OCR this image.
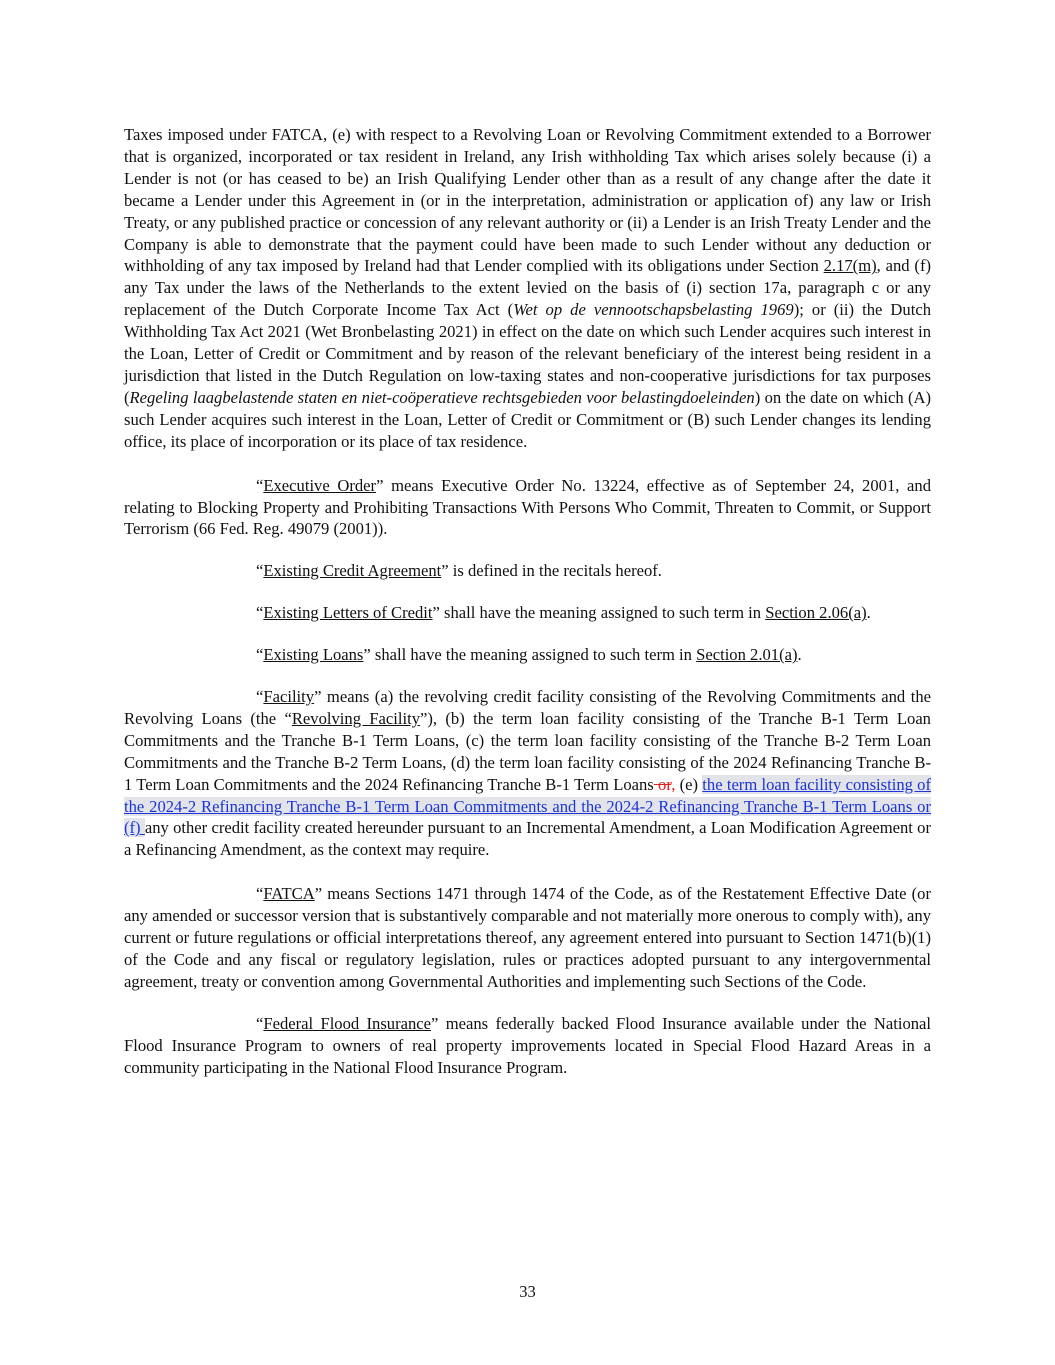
Taxes imposed under FATCA, (e) with respect to a Revolving Loan or Revolving Commitment extended to a Borrower that is organized, incorporated or tax resident in Ireland, any Irish withholding Tax which arises solely because (i) a Lender is not (or has ceased to be) an Irish Qualifying Lender other than as a result of any change after the date it became a Lender under this Agreement in (or in the interpretation, administration or application of) any law or Irish Treaty, or any published practice or concession of any relevant authority or (ii) a Lender is an Irish Treaty Lender and the Company is able to demonstrate that the payment could have been made to such Lender without any deduction or withholding of any tax imposed by Ireland had that Lender complied with its obligations under Section 2.17(m), and (f) any Tax under the laws of the Netherlands to the extent levied on the basis of (i) section 17a, paragraph c or any replacement of the Dutch Corporate Income Tax Act (Wet op de vennootschapsbelasting 1969); or (ii) the Dutch Withholding Tax Act 2021 (Wet Bronbelasting 2021) in effect on the date on which such Lender acquires such interest in the Loan, Letter of Credit or Commitment and by reason of the relevant beneficiary of the interest being resident in a jurisdiction that listed in the Dutch Regulation on low-taxing states and non-cooperative jurisdictions for tax purposes (Regeling laagbelastende staten en niet-coöperatieve rechtsgebieden voor belastingdoeleinden) on the date on which (A) such Lender acquires such interest in the Loan, Letter of Credit or Commitment or (B) such Lender changes its lending office, its place of incorporation or its place of tax residence.

“Executive Order” means Executive Order No. 13224, effective as of September 24, 2001, and relating to Blocking Property and Prohibiting Transactions With Persons Who Commit, Threaten to Commit, or Support Terrorism (66 Fed. Reg. 49079 (2001)).

“Existing Credit Agreement” is defined in the recitals hereof.

“Existing Letters of Credit” shall have the meaning assigned to such term in Section 2.06(a).

“Existing Loans” shall have the meaning assigned to such term in Section 2.01(a).

“Facility” means (a) the revolving credit facility consisting of the Revolving Commitments and the Revolving Loans (the “Revolving Facility”), (b) the term loan facility consisting of the Tranche B-1 Term Loan Commitments and the Tranche B-1 Term Loans, (c) the term loan facility consisting of the Tranche B-2 Term Loan Commitments and the Tranche B-2 Term Loans, (d) the term loan facility consisting of the 2024 Refinancing Tranche B-1 Term Loan Commitments and the 2024 Refinancing Tranche B-1 Term Loans or, (e) the term loan facility consisting of the 2024-2 Refinancing Tranche B-1 Term Loan Commitments and the 2024-2 Refinancing Tranche B-1 Term Loans or (f) any other credit facility created hereunder pursuant to an Incremental Amendment, a Loan Modification Agreement or a Refinancing Amendment, as the context may require.

“FATCA” means Sections 1471 through 1474 of the Code, as of the Restatement Effective Date (or any amended or successor version that is substantively comparable and not materially more onerous to comply with), any current or future regulations or official interpretations thereof, any agreement entered into pursuant to Section 1471(b)(1) of the Code and any fiscal or regulatory legislation, rules or practices adopted pursuant to any intergovernmental agreement, treaty or convention among Governmental Authorities and implementing such Sections of the Code.

“Federal Flood Insurance” means federally backed Flood Insurance available under the National Flood Insurance Program to owners of real property improvements located in Special Flood Hazard Areas in a community participating in the National Flood Insurance Program.

33
